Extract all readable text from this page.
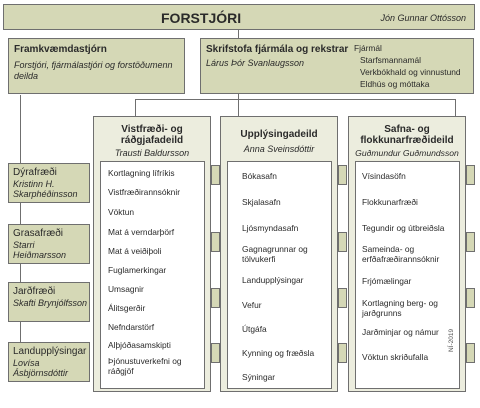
FORSTJÓRI	Jón Gunnar Ottósson
Framkvæmdastjórn
Forstjóri, fjármálastjóri og forstöðumenn deilda
Skrifstofa fjármála og rekstrar
Lárus Þór Svanlaugsson
Fjármál
Starfsmannamál
Verkbókhald og vinnustund
Eldhús og móttaka
Vistfræði- og ráðgjafadeild
Trausti Baldursson
Kortlagning lífríkis
Vistfræðirannsóknir
Vöktun
Mat á verndarþörf
Mat á veiðiþoli
Fuglamerkingar
Umsagnir
Álitsgerðir
Nefndarstörf
Alþjóðasamskipti
Þjónustuverkefni og ráðgjöf
Upplýsingadeild
Anna Sveinsdóttir
Bókasafn
Skjalasafn
Ljósmyndasafn
Gagnagrunnar og tölvukerfi
Landupplýsingar
Vefur
Útgáfa
Kynning og fræðsla
Sýningar
Safna- og flokkunarfræðideild
Guðmundur Guðmundsson
Vísindasöfn
Flokkunarfræði
Tegundir og útbreiðsla
Sameinda- og erfðafræðirannsóknir
Frjómælingar
Kortlagning berg- og jarðgrunns
Jarðminjar og námur
Vöktun skriðufalla
Dýrafræði
Kristinn H. Skarphéðinsson
Grasafræði
Starri Heiðmarsson
Jarðfræði
Skafti Brynjólfsson
Landupplýsingar
Lovísa Ásbjörnsdóttir
NÍ-2019
